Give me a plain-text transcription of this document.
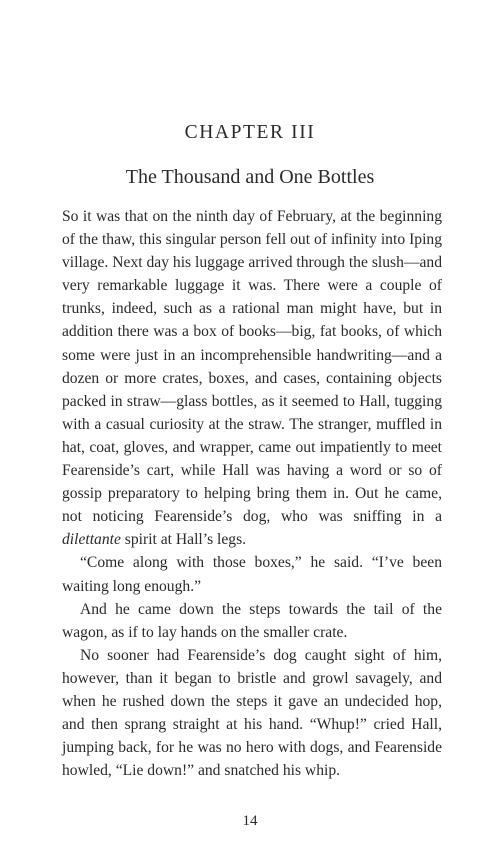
CHAPTER III
The Thousand and One Bottles

So it was that on the ninth day of February, at the beginning of the thaw, this singular person fell out of infinity into Iping village. Next day his luggage arrived through the slush—and very remarkable luggage it was. There were a couple of trunks, indeed, such as a rational man might have, but in addition there was a box of books—big, fat books, of which some were just in an incomprehensible handwriting—and a dozen or more crates, boxes, and cases, containing objects packed in straw—glass bottles, as it seemed to Hall, tugging with a casual curiosity at the straw. The stranger, muffled in hat, coat, gloves, and wrapper, came out impatiently to meet Fearenside’s cart, while Hall was having a word or so of gossip preparatory to helping bring them in. Out he came, not noticing Fearenside’s dog, who was sniffing in a dilettante spirit at Hall’s legs.

“Come along with those boxes,” he said. “I’ve been waiting long enough.”

And he came down the steps towards the tail of the wagon, as if to lay hands on the smaller crate.

No sooner had Fearenside’s dog caught sight of him, however, than it began to bristle and growl savagely, and when he rushed down the steps it gave an undecided hop, and then sprang straight at his hand. “Whup!” cried Hall, jumping back, for he was no hero with dogs, and Fearenside howled, “Lie down!” and snatched his whip.

14
